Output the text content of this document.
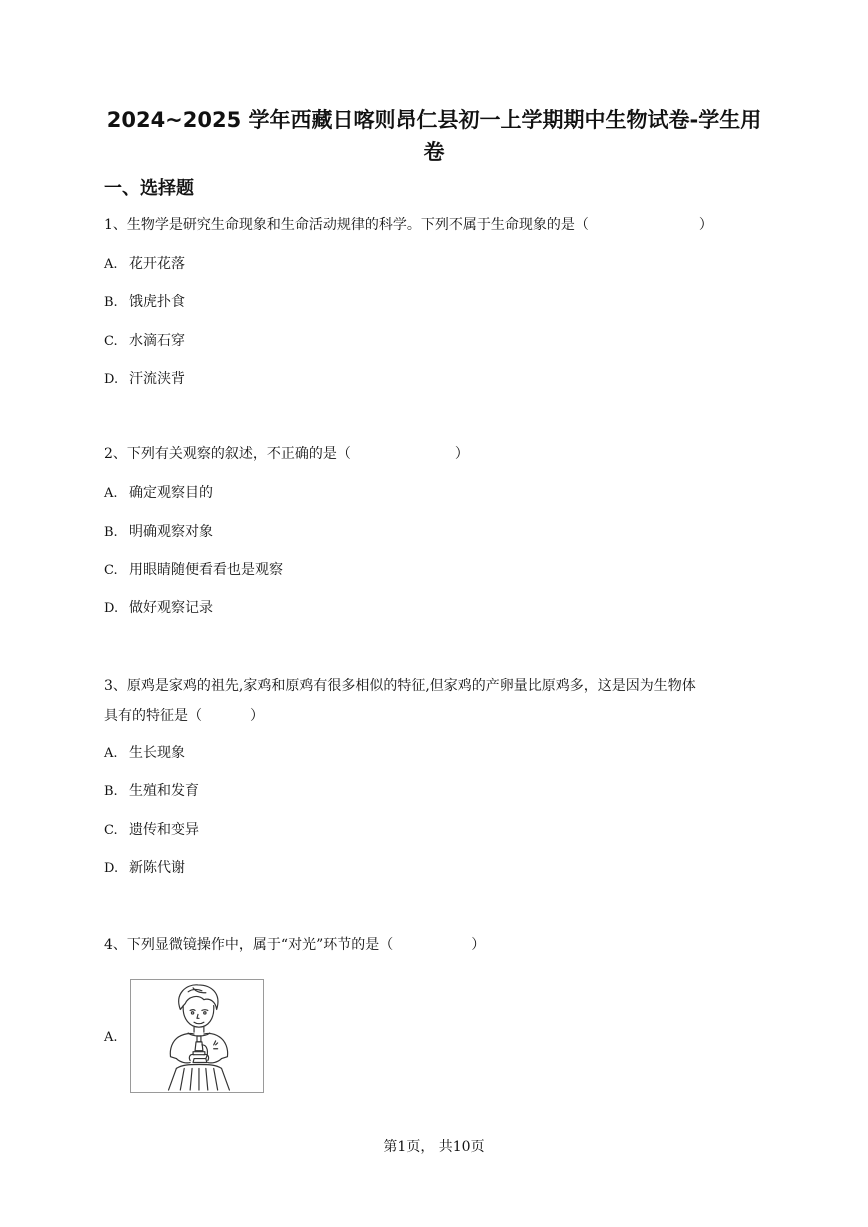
2024~2025 学年西藏日喀则昂仁县初一上学期期中生物试卷-学生用
卷
一、选择题
1、生物学是研究生命现象和生命活动规律的科学。下列不属于生命现象的是（	）
A. 花开花落
B. 饿虎扑食
C. 水滴石穿
D. 汗流浃背
2、下列有关观察的叙述，不正确的是（	）
A. 确定观察目的
B. 明确观察对象
C. 用眼睛随便看看也是观察
D. 做好观察记录
3、原鸡是家鸡的祖先,家鸡和原鸡有很多相似的特征,但家鸡的产卵量比原鸡多，这是因为生物体
具有的特征是（	）
A. 生长现象
B. 生殖和发育
C. 遗传和变异
D. 新陈代谢
4、下列显微镜操作中，属于“对光”环节的是（	）
A.
第1页， 共10页
